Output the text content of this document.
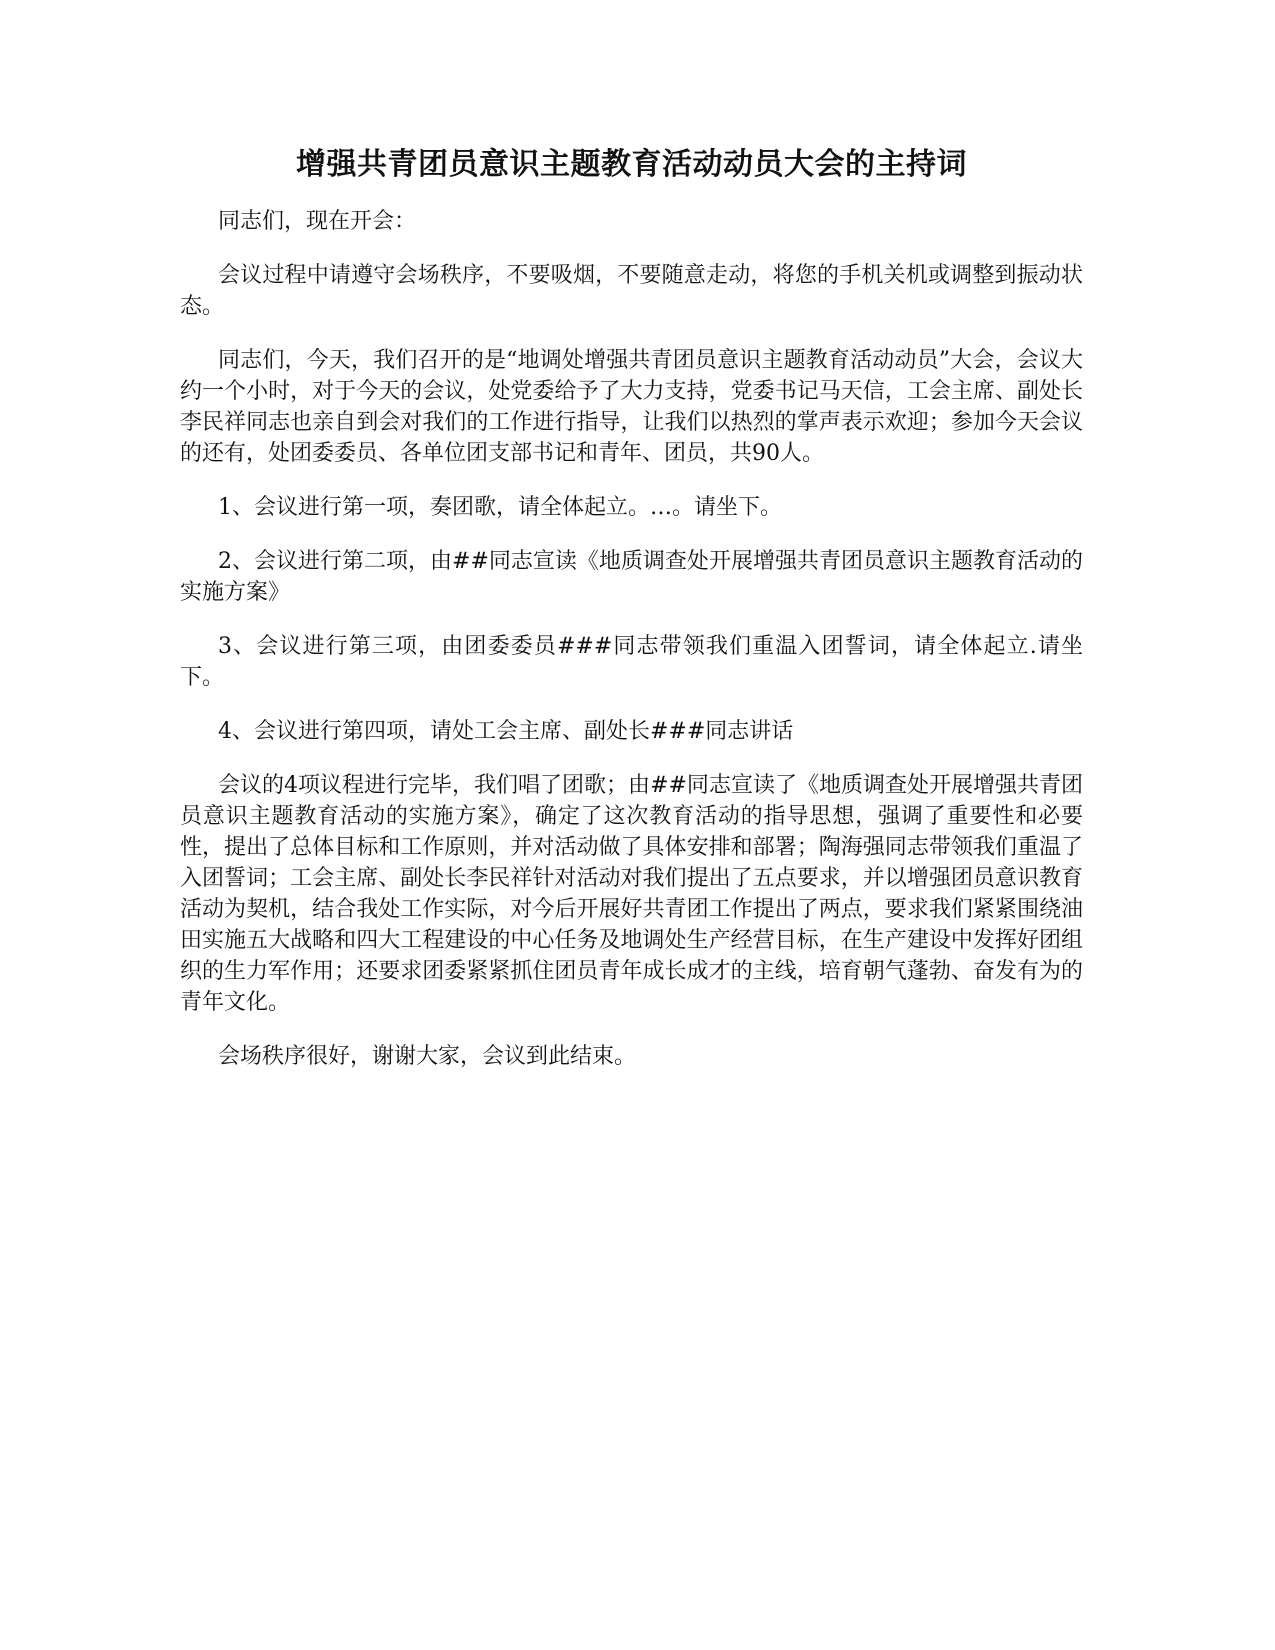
增强共青团员意识主题教育活动动员大会的主持词

同志们，现在开会：

会议过程中请遵守会场秩序，不要吸烟，不要随意走动，将您的手机关机或调整到振动状态。

同志们，今天，我们召开的是“地调处增强共青团员意识主题教育活动动员”大会，会议大约一个小时，对于今天的会议，处党委给予了大力支持，党委书记马天信，工会主席、副处长李民祥同志也亲自到会对我们的工作进行指导，让我们以热烈的掌声表示欢迎；参加今天会议的还有，处团委委员、各单位团支部书记和青年、团员，共90人。

1、会议进行第一项，奏团歌，请全体起立。…。请坐下。

2、会议进行第二项，由##同志宣读《地质调查处开展增强共青团员意识主题教育活动的实施方案》

3、会议进行第三项，由团委委员###同志带领我们重温入团誓词，请全体起立.请坐下。

4、会议进行第四项，请处工会主席、副处长###同志讲话

会议的4项议程进行完毕，我们唱了团歌；由##同志宣读了《地质调查处开展增强共青团员意识主题教育活动的实施方案》，确定了这次教育活动的指导思想，强调了重要性和必要性，提出了总体目标和工作原则，并对活动做了具体安排和部署；陶海强同志带领我们重温了入团誓词；工会主席、副处长李民祥针对活动对我们提出了五点要求，并以增强团员意识教育活动为契机，结合我处工作实际，对今后开展好共青团工作提出了两点，要求我们紧紧围绕油田实施五大战略和四大工程建设的中心任务及地调处生产经营目标，在生产建设中发挥好团组织的生力军作用；还要求团委紧紧抓住团员青年成长成才的主线，培育朝气蓬勃、奋发有为的青年文化。

会场秩序很好，谢谢大家，会议到此结束。
